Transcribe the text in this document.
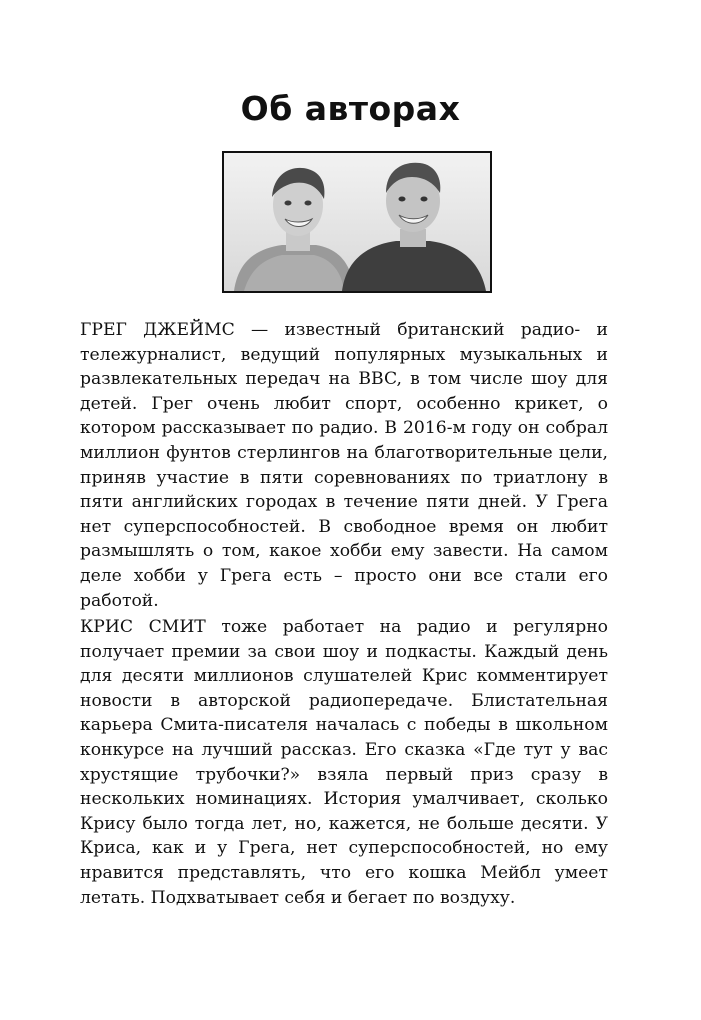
Об авторах

ГРЕГ ДЖЕЙМС — известный британский радио- и тележурналист, ведущий популярных музыкальных и развлекательных передач на BBC, в том числе шоу для детей. Грег очень любит спорт, особенно крикет, о котором рассказывает по радио. В 2016-м году он собрал миллион фунтов стерлингов на благотворительные цели, приняв участие в пяти соревнованиях по триатлону в пяти английских городах в течение пяти дней. У Грега нет суперспособностей. В свободное время он любит размышлять о том, какое хобби ему завести. На самом деле хобби у Грега есть – просто они все стали его работой.

КРИС СМИТ тоже работает на радио и регулярно получает премии за свои шоу и подкасты. Каждый день для десяти миллионов слушателей Крис комментирует новости в авторской радиопередаче. Блистательная карьера Смита-писателя началась с победы в школьном конкурсе на лучший рассказ. Его сказка «Где тут у вас хрустящие трубочки?» взяла первый приз сразу в нескольких номинациях. История умалчивает, сколько Крису было тогда лет, но, кажется, не больше десяти. У Криса, как и у Грега, нет суперспособностей, но ему нравится представлять, что его кошка Мейбл умеет летать. Подхватывает себя и бегает по воздуху.
